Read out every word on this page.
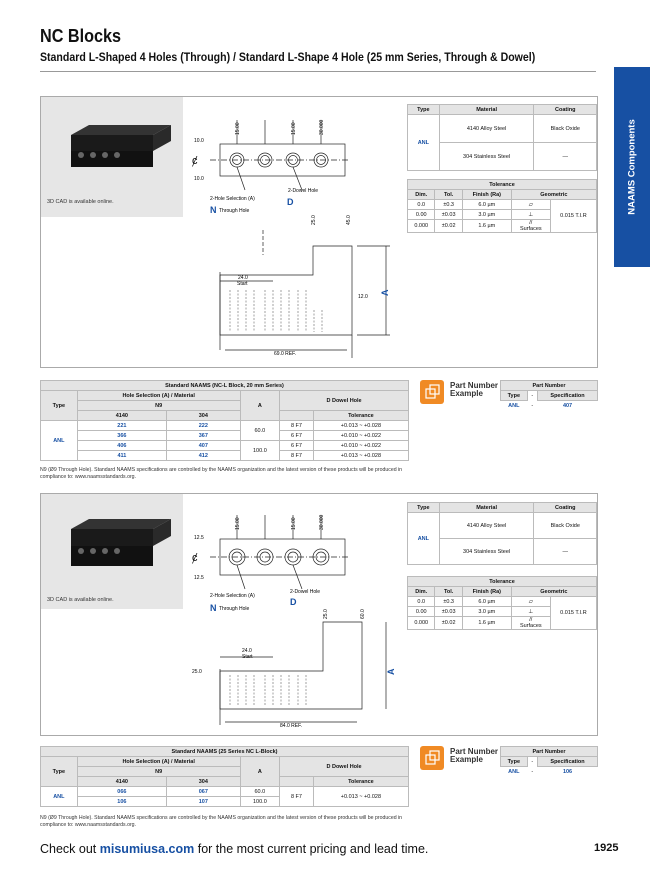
NC Blocks
Standard L-Shaped 4 Holes (Through) / Standard L-Shape 4 Hole (25 mm Series, Through & Dowel)
NAAMS Components
3D CAD is available online.
15.00	15.00	30.000
10.0
10.0
ȼ
2-Hole Selection (A)
2-Dowel Hole
N Through Hole
D
25.0	45.0
24.0
Start
12.0
A
69.0 REF.
Type	Material	Coating
ANL	4140 Alloy Steel	Black Oxide
	304 Stainless Steel	—
Tolerance				
Dim.	Tol.	Finish (Ra)	Geometric	
0.0	±0.3	6.0 µm	▱	0.015 T.I.R
0.00	±0.03	3.0 µm	⊥	
0.000	±0.02	1.6 µm	//
Surfaces	
Standard NAAMS (NC-L Block, 20 mm Series)					
Type	Hole Selection (A) / Material		A	D Dowel Hole	
	N9				
	4140	304			Tolerance
ANL	221	222	60.0	8 F7	+0.013 ~ +0.028
	366	367		6 F7	+0.010 ~ +0.022
	406	407	100.0	6 F7	+0.010 ~ +0.022
	411	412		8 F7	+0.013 ~ +0.028
N9 (Ø9 Through Hole). Standard NAAMS specifications are controlled by the NAAMS organization and the latest version of these products will be produced in compliance to: www.naamsstandards.org.
Part Number Example
Part Number		
Type	-	Specification
ANL	-	407
3D CAD is available online.
15.00	15.00	30.000
12.5
12.5
ȼ
2-Hole Selection (A)
2-Dowel Hole
N Through Hole
D
25.0	60.0
24.0
Start
25.0	A
84.0 REF.
Type	Material	Coating
ANL	4140 Alloy Steel	Black Oxide
	304 Stainless Steel	—
Tolerance				
Dim.	Tol.	Finish (Ra)	Geometric	
0.0	±0.3	6.0 µm	▱	0.015 T.I.R
0.00	±0.03	3.0 µm	⊥	
0.000	±0.02	1.6 µm	//
Surfaces	
Standard NAAMS (25 Series NC L-Block)					
Type	Hole Selection (A) / Material		A	D Dowel Hole	
	N9				
	4140	304			Tolerance
ANL	066	067	60.0	8 F7	+0.013 ~ +0.028
	106	107	100.0		
N9 (Ø9 Through Hole). Standard NAAMS specifications are controlled by the NAAMS organization and the latest version of these products will be produced in compliance to: www.naamsstandards.org.
Part Number Example
Part Number		
Type	-	Specification
ANL	-	106
Check out misumiusa.com for the most current pricing and lead time.	1925
